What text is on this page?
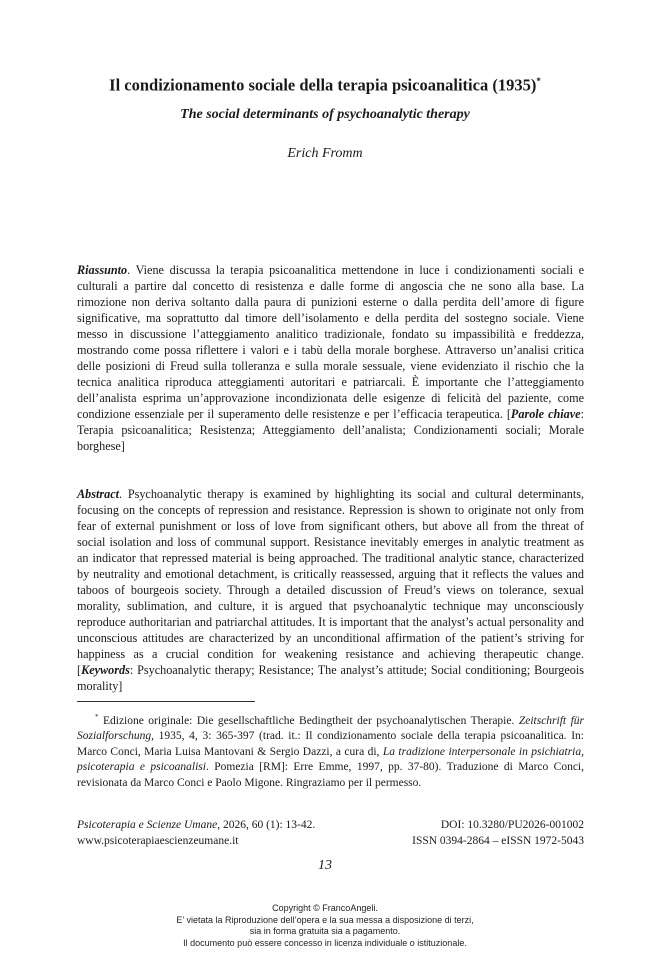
Il condizionamento sociale della terapia psicoanalitica (1935)*
The social determinants of psychoanalytic therapy
Erich Fromm

Riassunto. Viene discussa la terapia psicoanalitica mettendone in luce i condizionamenti sociali e culturali a partire dal concetto di resistenza e dalle forme di angoscia che ne sono alla base. La rimozione non deriva soltanto dalla paura di punizioni esterne o dalla perdita dell’amore di figure significative, ma soprattutto dal timore dell’isolamento e della perdita del sostegno sociale. Viene messo in discussione l’atteggiamento analitico tradizionale, fondato su impassibilità e freddezza, mostrando come possa riflettere i valori e i tabù della morale borghese. Attraverso un’analisi critica delle posizioni di Freud sulla tolleranza e sulla morale sessuale, viene evidenziato il rischio che la tecnica analitica riproduca atteggiamenti autoritari e patriarcali. È importante che l’atteggiamento dell’analista esprima un’approvazione incondizionata delle esigenze di felicità del paziente, come condizione essenziale per il superamento delle resistenze e per l’efficacia terapeutica. [Parole chiave: Terapia psicoanalitica; Resistenza; Atteggiamento dell’analista; Condizionamenti sociali; Morale borghese]

Abstract. Psychoanalytic therapy is examined by highlighting its social and cultural determinants, focusing on the concepts of repression and resistance. Repression is shown to originate not only from fear of external punishment or loss of love from significant others, but above all from the threat of social isolation and loss of communal support. Resistance inevitably emerges in analytic treatment as an indicator that repressed material is being approached. The traditional analytic stance, characterized by neutrality and emotional detachment, is critically reassessed, arguing that it reflects the values and taboos of bourgeois society. Through a detailed discussion of Freud’s views on tolerance, sexual morality, sublimation, and culture, it is argued that psychoanalytic technique may unconsciously reproduce authoritarian and patriarchal attitudes. It is important that the analyst’s actual personality and unconscious attitudes are characterized by an unconditional affirmation of the patient’s striving for happiness as a crucial condition for weakening resistance and achieving therapeutic change. [Keywords: Psychoanalytic therapy; Resistance; The analyst’s attitude; Social conditioning; Bourgeois morality]

* Edizione originale: Die gesellschaftliche Bedingtheit der psychoanalytischen Therapie. Zeitschrift für Sozialforschung, 1935, 4, 3: 365-397 (trad. it.: Il condizionamento sociale della terapia psicoanalitica. In: Marco Conci, Maria Luisa Mantovani & Sergio Dazzi, a cura di, La tradizione interpersonale in psichiatria, psicoterapia e psicoanalisi. Pomezia [RM]: Erre Emme, 1997, pp. 37-80). Traduzione di Marco Conci, revisionata da Marco Conci e Paolo Migone. Ringraziamo per il permesso.
Psicoterapia e Scienze Umane, 2026, 60 (1): 13-42.
www.psicoterapiaescienzeumane.it
DOI: 10.3280/PU2026-001002
ISSN 0394-2864 – eISSN 1972-5043
13
Copyright © FrancoAngeli.
E’ vietata la Riproduzione dell’opera e la sua messa a disposizione di terzi,
sia in forma gratuita sia a pagamento.
Il documento può essere concesso in licenza individuale o istituzionale.
